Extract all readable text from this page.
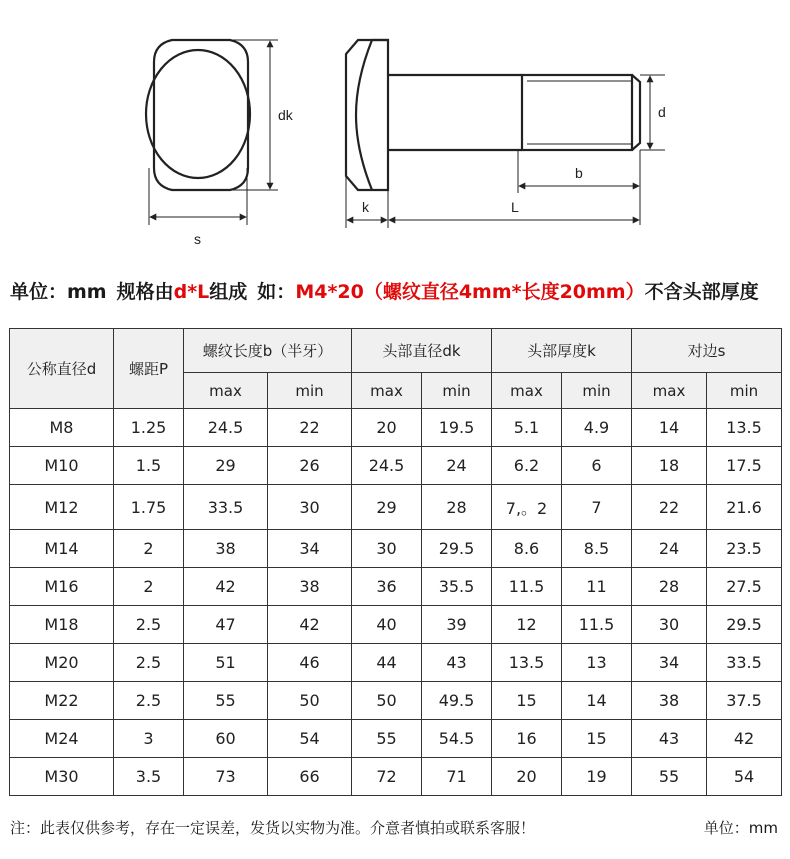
dk
s
d
b
k	L
单位：mm 规格由d*L组成 如：M4*20（螺纹直径4mm*长度20mm）不含头部厚度
公称直径d	螺距P	螺纹长度b（半牙）		头部直径dk		头部厚度k		对边s	
		max	min	max	min	max	min	max	min
M8	1.25	24.5	22	20	19.5	5.1	4.9	14	13.5
M10	1.5	29	26	24.5	24	6.2	6	18	17.5
M12	1.75	33.5	30	29	28	7,。2	7	22	21.6
M14	2	38	34	30	29.5	8.6	8.5	24	23.5
M16	2	42	38	36	35.5	11.5	11	28	27.5
M18	2.5	47	42	40	39	12	11.5	30	29.5
M20	2.5	51	46	44	43	13.5	13	34	33.5
M22	2.5	55	50	50	49.5	15	14	38	37.5
M24	3	60	54	55	54.5	16	15	43	42
M30	3.5	73	66	72	71	20	19	55	54
注：此表仅供参考，存在一定误差，发货以实物为准。介意者慎拍或联系客服！	单位：mm
